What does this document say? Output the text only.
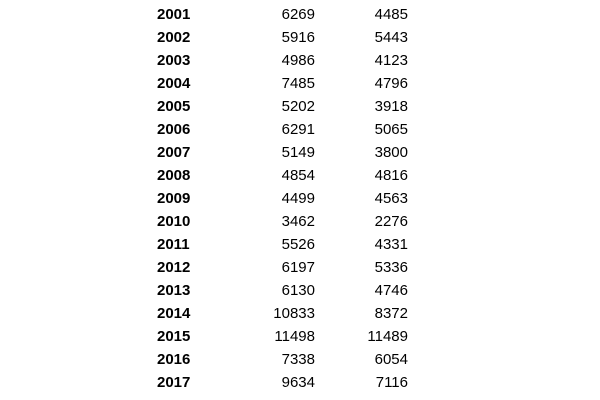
2001	6269	4485
2002	5916	5443
2003	4986	4123
2004	7485	4796
2005	5202	3918
2006	6291	5065
2007	5149	3800
2008	4854	4816
2009	4499	4563
2010	3462	2276
2011	5526	4331
2012	6197	5336
2013	6130	4746
2014	10833	8372
2015	11498	11489
2016	7338	6054
2017	9634	7116
